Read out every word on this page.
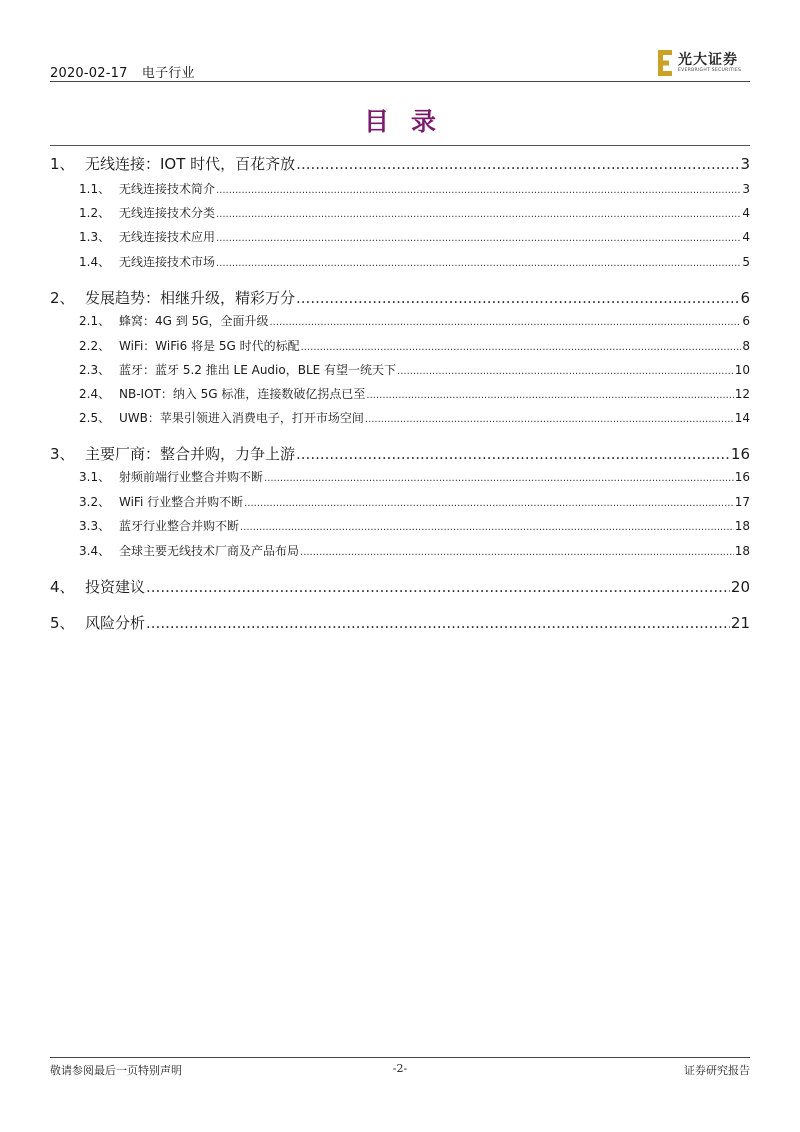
2020-02-17 电子行业
光大证券
EVERBRIGHT SECURITIES
目录
1、 无线连接：IOT 时代，百花齐放 .....	3
1.1、 无线连接技术简介 .....	3
1.2、 无线连接技术分类 .....	4
1.3、 无线连接技术应用 .....	4
1.4、 无线连接技术市场 .....	5
2、 发展趋势：相继升级，精彩万分 .....	6
2.1、 蜂窝：4G 到 5G，全面升级 .....	6
2.2、 WiFi：WiFi6 将是 5G 时代的标配 .....	8
2.3、 蓝牙：蓝牙 5.2 推出 LE Audio，BLE 有望一统天下 .....	10
2.4、 NB-IOT：纳入 5G 标准，连接数破亿拐点已至 .....	12
2.5、 UWB：苹果引领进入消费电子，打开市场空间 .....	14
3、 主要厂商：整合并购，力争上游 .....	16
3.1、 射频前端行业整合并购不断 .....	16
3.2、 WiFi 行业整合并购不断 .....	17
3.3、 蓝牙行业整合并购不断 .....	18
3.4、 全球主要无线技术厂商及产品布局 .....	18
4、 投资建议 .....	20
5、 风险分析 .....	21
敬请参阅最后一页特别声明	-2-	证券研究报告
